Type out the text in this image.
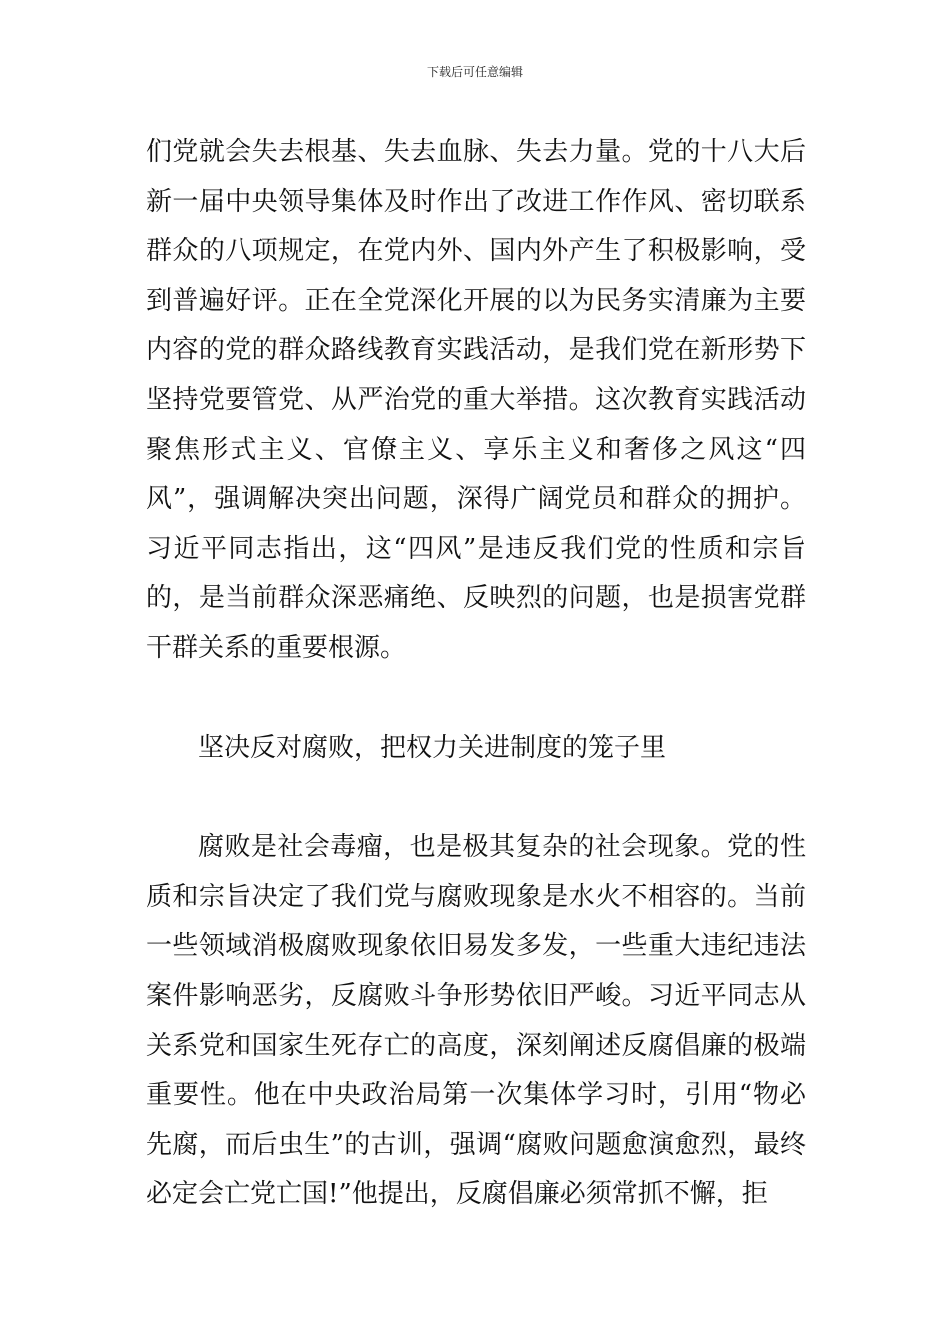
下载后可任意编辑

们党就会失去根基、失去血脉、失去力量。党的十八大后新一届中央领导集体及时作出了改进工作作风、密切联系群众的八项规定，在党内外、国内外产生了积极影响，受到普遍好评。正在全党深化开展的以为民务实清廉为主要内容的党的群众路线教育实践活动，是我们党在新形势下坚持党要管党、从严治党的重大举措。这次教育实践活动聚焦形式主义、官僚主义、享乐主义和奢侈之风这“四风”，强调解决突出问题，深得广阔党员和群众的拥护。习近平同志指出，这“四风”是违反我们党的性质和宗旨的，是当前群众深恶痛绝、反映烈的问题，也是损害党群干群关系的重要根源。

坚决反对腐败，把权力关进制度的笼子里

腐败是社会毒瘤，也是极其复杂的社会现象。党的性质和宗旨决定了我们党与腐败现象是水火不相容的。当前一些领域消极腐败现象依旧易发多发，一些重大违纪违法案件影响恶劣，反腐败斗争形势依旧严峻。习近平同志从关系党和国家生死存亡的高度，深刻阐述反腐倡廉的极端重要性。他在中央政治局第一次集体学习时，引用“物必先腐，而后虫生”的古训，强调“腐败问题愈演愈烈，最终必定会亡党亡国!”他提出，反腐倡廉必须常抓不懈，拒
